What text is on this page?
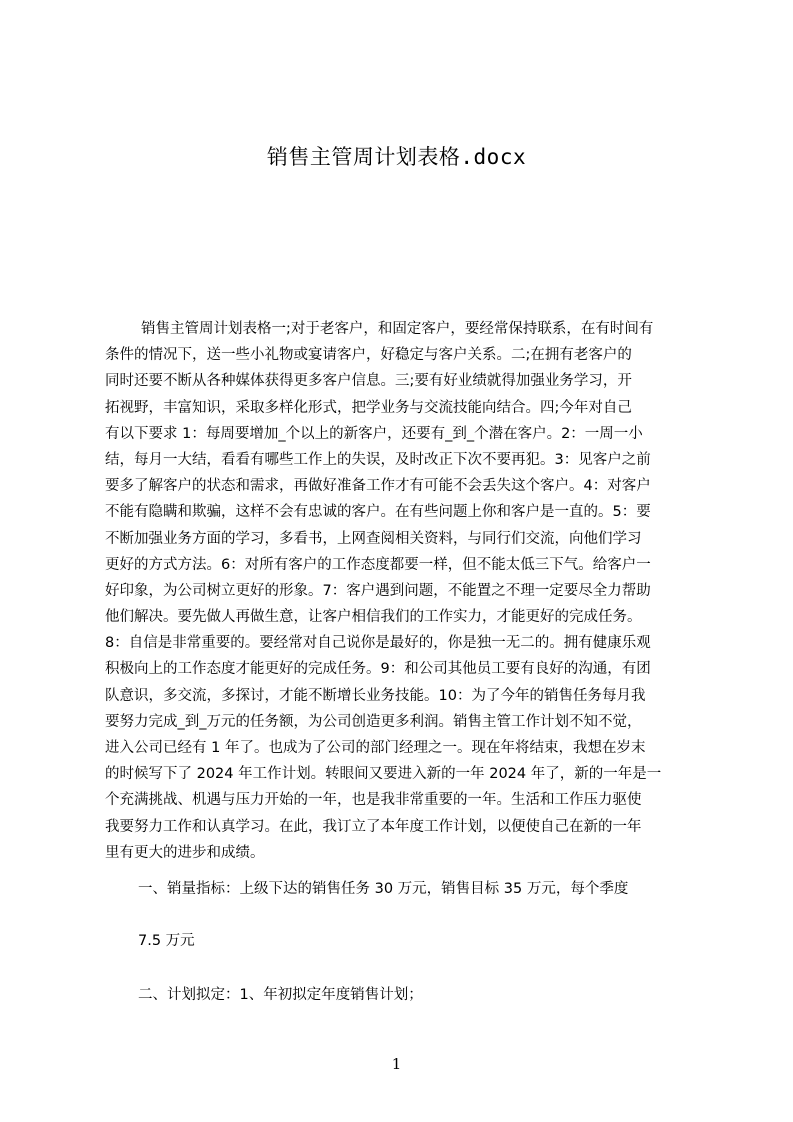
销售主管周计划表格.docx
销售主管周计划表格一;对于老客户，和固定客户，要经常保持联系，在有时间有
条件的情况下，送一些小礼物或宴请客户，好稳定与客户关系。二;在拥有老客户的
同时还要不断从各种媒体获得更多客户信息。三;要有好业绩就得加强业务学习，开
拓视野，丰富知识，采取多样化形式，把学业务与交流技能向结合。四;今年对自己
有以下要求 1：每周要增加_个以上的新客户，还要有_到_个潜在客户。2：一周一小
结，每月一大结，看看有哪些工作上的失误，及时改正下次不要再犯。3：见客户之前
要多了解客户的状态和需求，再做好准备工作才有可能不会丢失这个客户。4：对客户
不能有隐瞒和欺骗，这样不会有忠诚的客户。在有些问题上你和客户是一直的。5：要
不断加强业务方面的学习，多看书，上网查阅相关资料，与同行们交流，向他们学习
更好的方式方法。6：对所有客户的工作态度都要一样，但不能太低三下气。给客户一
好印象，为公司树立更好的形象。7：客户遇到问题，不能置之不理一定要尽全力帮助
他们解决。要先做人再做生意，让客户相信我们的工作实力，才能更好的完成任务。
8：自信是非常重要的。要经常对自己说你是最好的，你是独一无二的。拥有健康乐观
积极向上的工作态度才能更好的完成任务。9：和公司其他员工要有良好的沟通，有团
队意识，多交流，多探讨，才能不断增长业务技能。10：为了今年的销售任务每月我
要努力完成_到_万元的任务额，为公司创造更多利润。销售主管工作计划不知不觉，
进入公司已经有 1 年了。也成为了公司的部门经理之一。现在年将结束，我想在岁末
的时候写下了 2024 年工作计划。转眼间又要进入新的一年 2024 年了，新的一年是一
个充满挑战、机遇与压力开始的一年，也是我非常重要的一年。生活和工作压力驱使
我要努力工作和认真学习。在此，我订立了本年度工作计划，以便使自己在新的一年
里有更大的进步和成绩。
一、销量指标：上级下达的销售任务 30 万元，销售目标 35 万元，每个季度
7.5 万元
二、计划拟定：1、年初拟定年度销售计划；
1
